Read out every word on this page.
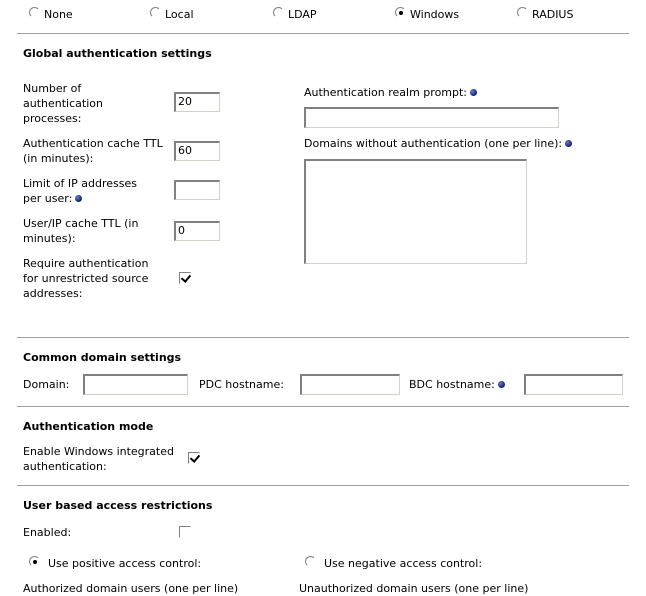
None	Local	LDAP	Windows	RADIUS
Global authentication settings
Number of authentication processes:
20
Authentication cache TTL (in minutes):
60
Limit of IP addresses per user:
User/IP cache TTL (in minutes):
0
Require authentication for unrestricted source addresses:
Authentication realm prompt:
Domains without authentication (one per line):
Common domain settings
Domain:	PDC hostname:	BDC hostname:
Authentication mode
Enable Windows integrated authentication:
User based access restrictions
Enabled:
Use positive access control:	Use negative access control:
Authorized domain users (one per line)	Unauthorized domain users (one per line)
